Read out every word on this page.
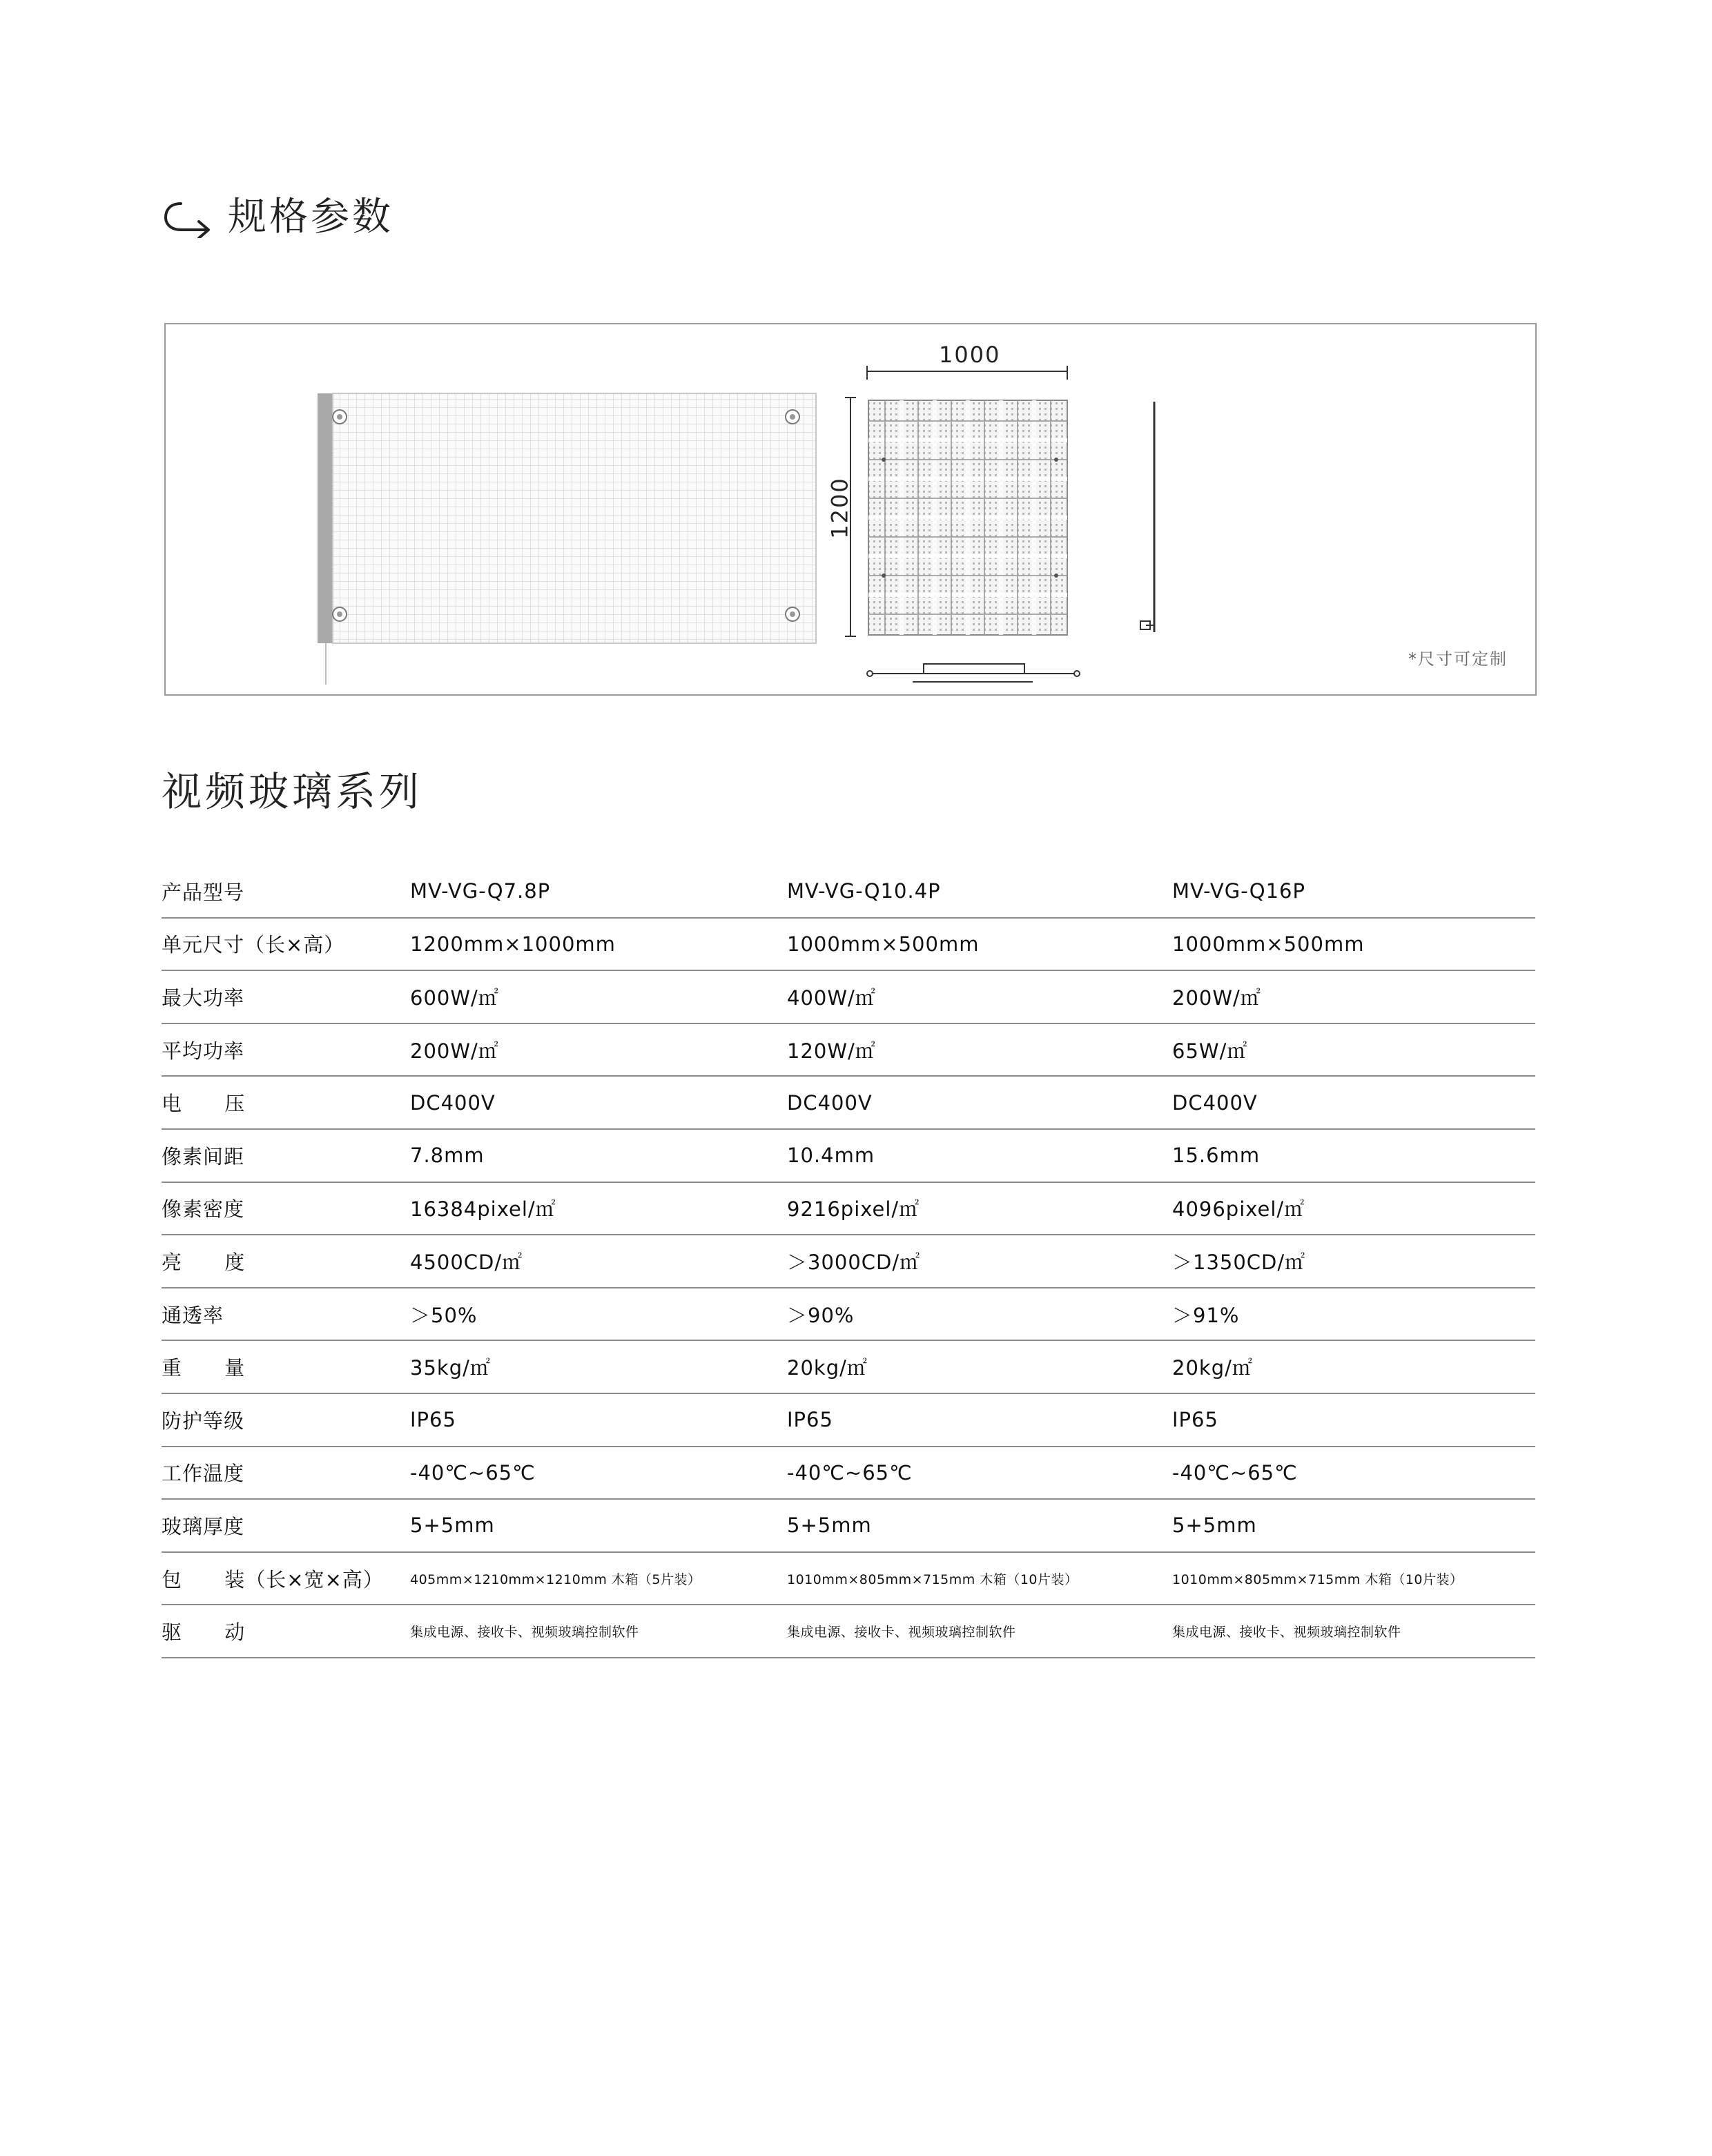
规格参数
1000
1200
*尺寸可定制
视频玻璃系列
产品型号	MV-VG-Q7.8P	MV-VG-Q10.4P	MV-VG-Q16P
单元尺寸（长×高）	1200mm×1000mm	1000mm×500mm	1000mm×500mm
最大功率	600W/㎡	400W/㎡	200W/㎡
平均功率	200W/㎡	120W/㎡	65W/㎡
电      压	DC400V	DC400V	DC400V
像素间距	7.8mm	10.4mm	15.6mm
像素密度	16384pixel/㎡	9216pixel/㎡	4096pixel/㎡
亮      度	4500CD/㎡	＞3000CD/㎡	＞1350CD/㎡
通透率	＞50%	＞90%	＞91%
重      量	35kg/㎡	20kg/㎡	20kg/㎡
防护等级	IP65	IP65	IP65
工作温度	-40℃~65℃	-40℃~65℃	-40℃~65℃
玻璃厚度	5+5mm	5+5mm	5+5mm
包      装（长×宽×高）	405mm×1210mm×1210mm 木箱（5片装）	1010mm×805mm×715mm 木箱（10片装）	1010mm×805mm×715mm 木箱（10片装）
驱      动	集成电源、接收卡、视频玻璃控制软件	集成电源、接收卡、视频玻璃控制软件	集成电源、接收卡、视频玻璃控制软件
